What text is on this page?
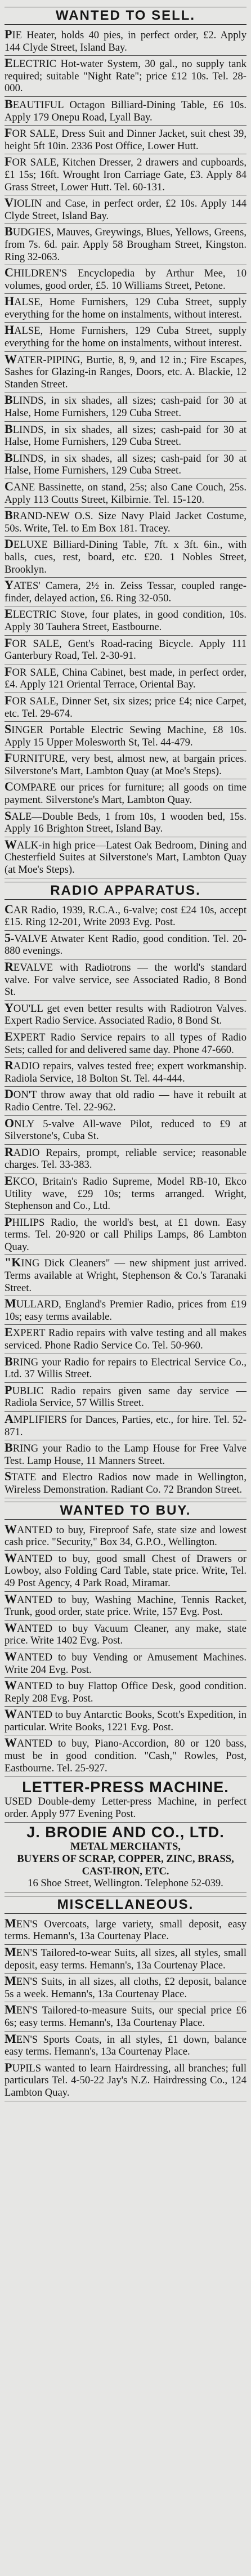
WANTED TO SELL.

PIE Heater, holds 40 pies, in perfect order, £2. Apply 144 Clyde Street, Island Bay.

ELECTRIC Hot-water System, 30 gal., no supply tank required; suitable "Night Rate"; price £12 10s. Tel. 28-000.

BEAUTIFUL Octagon Billiard-Dining Table, £6 10s. Apply 179 Onepu Road, Lyall Bay.

FOR SALE, Dress Suit and Dinner Jacket, suit chest 39, height 5ft 10in. 2336 Post Office, Lower Hutt.

FOR SALE, Kitchen Dresser, 2 drawers and cupboards, £1 15s; 16ft. Wrought Iron Carriage Gate, £3. Apply 84 Grass Street, Lower Hutt. Tel. 60-131.

VIOLIN and Case, in perfect order, £2 10s. Apply 144 Clyde Street, Island Bay.

BUDGIES, Mauves, Greywings, Blues, Yellows, Greens, from 7s. 6d. pair. Apply 58 Brougham Street, Kingston. Ring 32-063.

CHILDREN'S Encyclopedia by Arthur Mee, 10 volumes, good order, £5. 10 Williams Street, Petone.

HALSE, Home Furnishers, 129 Cuba Street, supply everything for the home on instalments, without interest.

HALSE, Home Furnishers, 129 Cuba Street, supply everything for the home on instalments, without interest.

WATER-PIPING, Burtie, 8, 9, and 12 in.; Fire Escapes, Sashes for Glazing-in Ranges, Doors, etc. A. Blackie, 12 Standen Street.

BLINDS, in six shades, all sizes; cash-paid for 30 at Halse, Home Furnishers, 129 Cuba Street.

BLINDS, in six shades, all sizes; cash-paid for 30 at Halse, Home Furnishers, 129 Cuba Street.

BLINDS, in six shades, all sizes; cash-paid for 30 at Halse, Home Furnishers, 129 Cuba Street.

CANE Bassinette, on stand, 25s; also Cane Couch, 25s. Apply 113 Coutts Street, Kilbirnie. Tel. 15-120.

BRAND-NEW O.S. Size Navy Plaid Jacket Costume, 50s. Write, Tel. to Em Box 181. Tracey.

DELUXE Billiard-Dining Table, 7ft. x 3ft. 6in., with balls, cues, rest, board, etc. £20. 1 Nobles Street, Brooklyn.

YATES' Camera, 2½ in. Zeiss Tessar, coupled range-finder, delayed action, £6. Ring 32-050.

ELECTRIC Stove, four plates, in good condition, 10s. Apply 30 Tauhera Street, Eastbourne.

FOR SALE, Gent's Road-racing Bicycle. Apply 111 Ganterbury Road, Tel. 2-30-91.

FOR SALE, China Cabinet, best made, in perfect order, £4. Apply 121 Oriental Terrace, Oriental Bay.

FOR SALE, Dinner Set, six sizes; price £4; nice Carpet, etc. Tel. 29-674.

SINGER Portable Electric Sewing Machine, £8 10s. Apply 15 Upper Molesworth St, Tel. 44-479.

FURNITURE, very best, almost new, at bargain prices. Silverstone's Mart, Lambton Quay (at Moe's Steps).

COMPARE our prices for furniture; all goods on time payment. Silverstone's Mart, Lambton Quay.

SALE—Double Beds, 1 from 10s, 1 wooden bed, 15s. Apply 16 Brighton Street, Island Bay.

WALK-in high price—Latest Oak Bedroom, Dining and Chesterfield Suites at Silverstone's Mart, Lambton Quay (at Moe's Steps).

RADIO APPARATUS.

CAR Radio, 1939, R.C.A., 6-valve; cost £24 10s, accept £15. Ring 12-201, Write 2093 Evg. Post.

5-VALVE Atwater Kent Radio, good condition. Tel. 20-880 evenings.

REVALVE with Radiotrons — the world's standard valve. For valve service, see Associated Radio, 8 Bond St.

YOU'LL get even better results with Radiotron Valves. Expert Radio Service. Associated Radio, 8 Bond St.

EXPERT Radio Service repairs to all types of Radio Sets; called for and delivered same day. Phone 47-660.

RADIO repairs, valves tested free; expert workmanship. Radiola Service, 18 Bolton St. Tel. 44-444.

DON'T throw away that old radio — have it rebuilt at Radio Centre. Tel. 22-962.

ONLY 5-valve All-wave Pilot, reduced to £9 at Silverstone's, Cuba St.

RADIO Repairs, prompt, reliable service; reasonable charges. Tel. 33-383.

EKCO, Britain's Radio Supreme, Model RB-10, Ekco Utility wave, £29 10s; terms arranged. Wright, Stephenson and Co., Ltd.

PHILIPS Radio, the world's best, at £1 down. Easy terms. Tel. 20-920 or call Philips Lamps, 86 Lambton Quay.

"KING Dick Cleaners" — new shipment just arrived. Terms available at Wright, Stephenson & Co.'s Taranaki Street.

MULLARD, England's Premier Radio, prices from £19 10s; easy terms available.

EXPERT Radio repairs with valve testing and all makes serviced. Phone Radio Service Co. Tel. 50-960.

BRING your Radio for repairs to Electrical Service Co., Ltd. 37 Willis Street.

PUBLIC Radio repairs given same day service — Radiola Service, 57 Willis Street.

AMPLIFIERS for Dances, Parties, etc., for hire. Tel. 52-871.

BRING your Radio to the Lamp House for Free Valve Test. Lamp House, 11 Manners Street.

STATE and Electro Radios now made in Wellington, Wireless Demonstration. Radiant Co. 72 Brandon Street.

WANTED TO BUY.

WANTED to buy, Fireproof Safe, state size and lowest cash price. "Security," Box 34, G.P.O., Wellington.

WANTED to buy, good small Chest of Drawers or Lowboy, also Folding Card Table, state price. Write, Tel. 49 Post Agency, 4 Park Road, Miramar.

WANTED to buy, Washing Machine, Tennis Racket, Trunk, good order, state price. Write, 157 Evg. Post.

WANTED to buy Vacuum Cleaner, any make, state price. Write 1402 Evg. Post.

WANTED to buy Vending or Amusement Machines. Write 204 Evg. Post.

WANTED to buy Flattop Office Desk, good condition. Reply 208 Evg. Post.

WANTED to buy Antarctic Books, Scott's Expedition, in particular. Write Books, 1221 Evg. Post.

WANTED to buy, Piano-Accordion, 80 or 120 bass, must be in good condition. "Cash," Rowles, Post, Eastbourne. Tel. 25-927.

LETTER-PRESS MACHINE.
USED Double-demy Letter-press Machine, in perfect order. Apply 977 Evening Post.
J. BRODIE AND CO., LTD.
METAL MERCHANTS,
BUYERS OF SCRAP, COPPER, ZINC, BRASS, CAST-IRON, ETC.
16 Shoe Street, Wellington. Telephone 52-039.
MISCELLANEOUS.

MEN'S Overcoats, large variety, small deposit, easy terms. Hemann's, 13a Courtenay Place.

MEN'S Tailored-to-wear Suits, all sizes, all styles, small deposit, easy terms. Hemann's, 13a Courtenay Place.

MEN'S Suits, in all sizes, all cloths, £2 deposit, balance 5s a week. Hemann's, 13a Courtenay Place.

MEN'S Tailored-to-measure Suits, our special price £6 6s; easy terms. Hemann's, 13a Courtenay Place.

MEN'S Sports Coats, in all styles, £1 down, balance easy terms. Hemann's, 13a Courtenay Place.

PUPILS wanted to learn Hairdressing, all branches; full particulars Tel. 4-50-22 Jay's N.Z. Hairdressing Co., 124 Lambton Quay.
